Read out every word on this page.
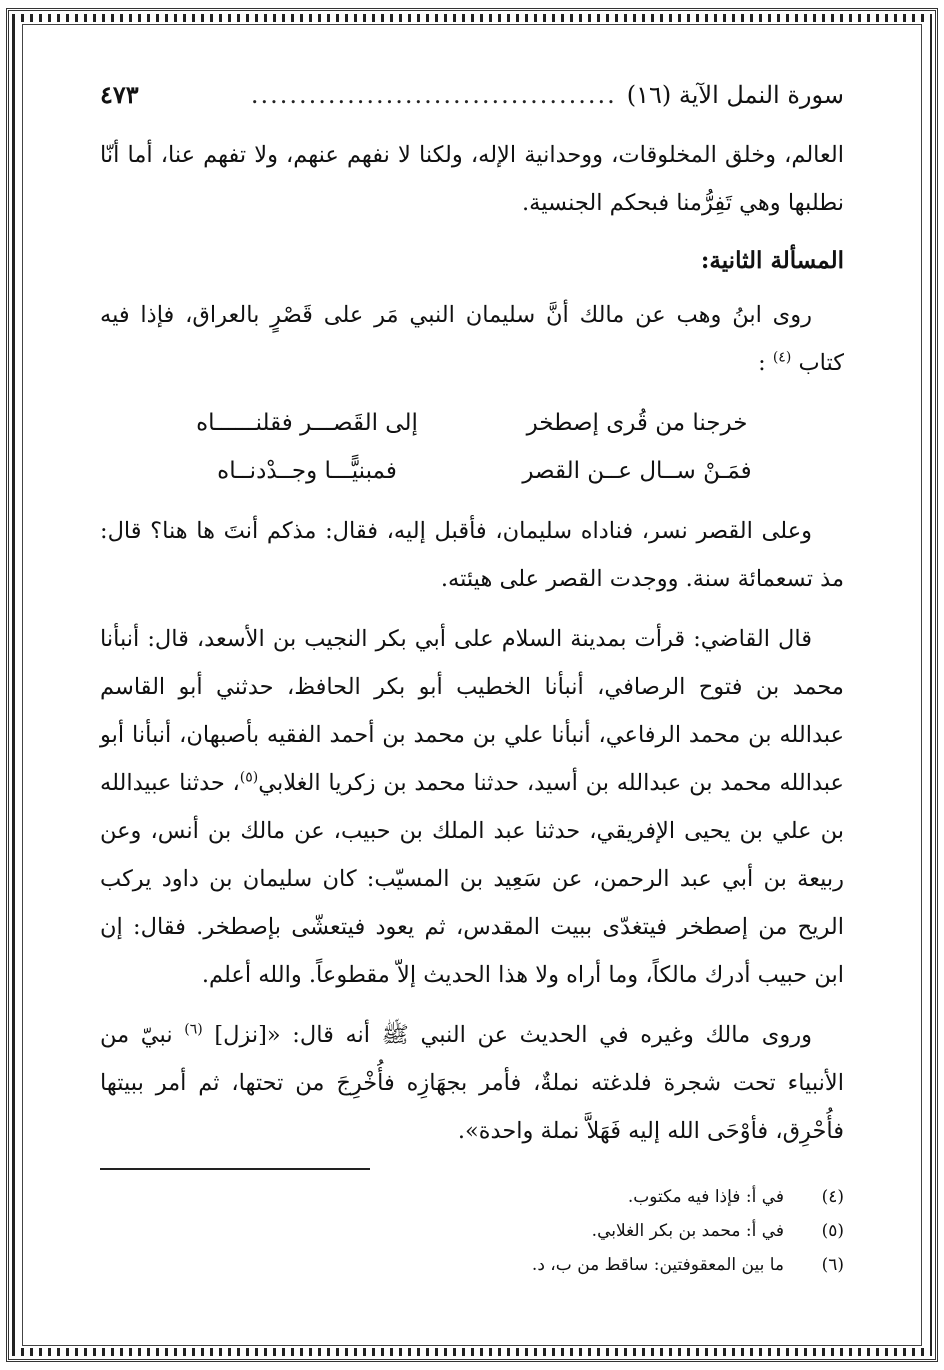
سورة النمل الآية (١٦)
......................................
٤٧٣

العالم، وخلق المخلوقات، ووحدانية الإله، ولكنا لا نفهم عنهم، ولا تفهم عنا، أما أنّا نطلبها وهي تَفِرُّمنا فبحكم الجنسية.

المسألة الثانية:

روى ابنُ وهب عن مالك أنَّ سليمان النبي مَر على قَصْرٍ بالعراق، فإذا فيه كتاب $^{(٤)}$ :

خرجنا من قُرى إصطخر
إلى القَصـــر فقلنــــــاه
فمَـنْ ســال عــن القصر
فمبنيًّـــا وجــدْدنــاه

وعلى القصر نسر، فناداه سليمان، فأقبل إليه، فقال: مذكم أنتَ ها هنا؟ قال: مذ تسعمائة سنة. ووجدت القصر على هيئته.

قال القاضي: قرأت بمدينة السلام على أبي بكر النجيب بن الأسعد، قال: أنبأنا محمد بن فتوح الرصافي، أنبأنا الخطيب أبو بكر الحافظ، حدثني أبو القاسم عبدالله بن محمد الرفاعي، أنبأنا علي بن محمد بن أحمد الفقيه بأصبهان، أنبأنا أبو عبدالله محمد بن عبدالله بن أسيد، حدثنا محمد بن زكريا الغلابي$^{(٥)}$، حدثنا عبيدالله بن علي بن يحيى الإفريقي، حدثنا عبد الملك بن حبيب، عن مالك بن أنس، وعن ربيعة بن أبي عبد الرحمن، عن سَعِيد بن المسيّب: كان سليمان بن داود يركب الريح من إصطخر فيتغدّى ببيت المقدس، ثم يعود فيتعشّى بإصطخر. فقال: إن ابن حبيب أدرك مالكاً، وما أراه ولا هذا الحديث إلاّ مقطوعاً. والله أعلم.

وروى مالك وغيره في الحديث عن النبي ﷺ أنه قال: «[نزل] $^{(٦)}$ نبيّ من الأنبياء تحت شجرة فلدغته نملةٌ، فأمر بجهَازِه فأُخْرِجَ من تحتها، ثم أمر ببيتها فأُحْرِق، فأوْحَى الله إليه فَهَلاَّ نملة واحدة».

(٤)
في أ: فإذا فيه مكتوب.
(٥)
في أ: محمد بن بكر الغلابي.
(٦)
ما بين المعقوفتين: ساقط من ب، د.
